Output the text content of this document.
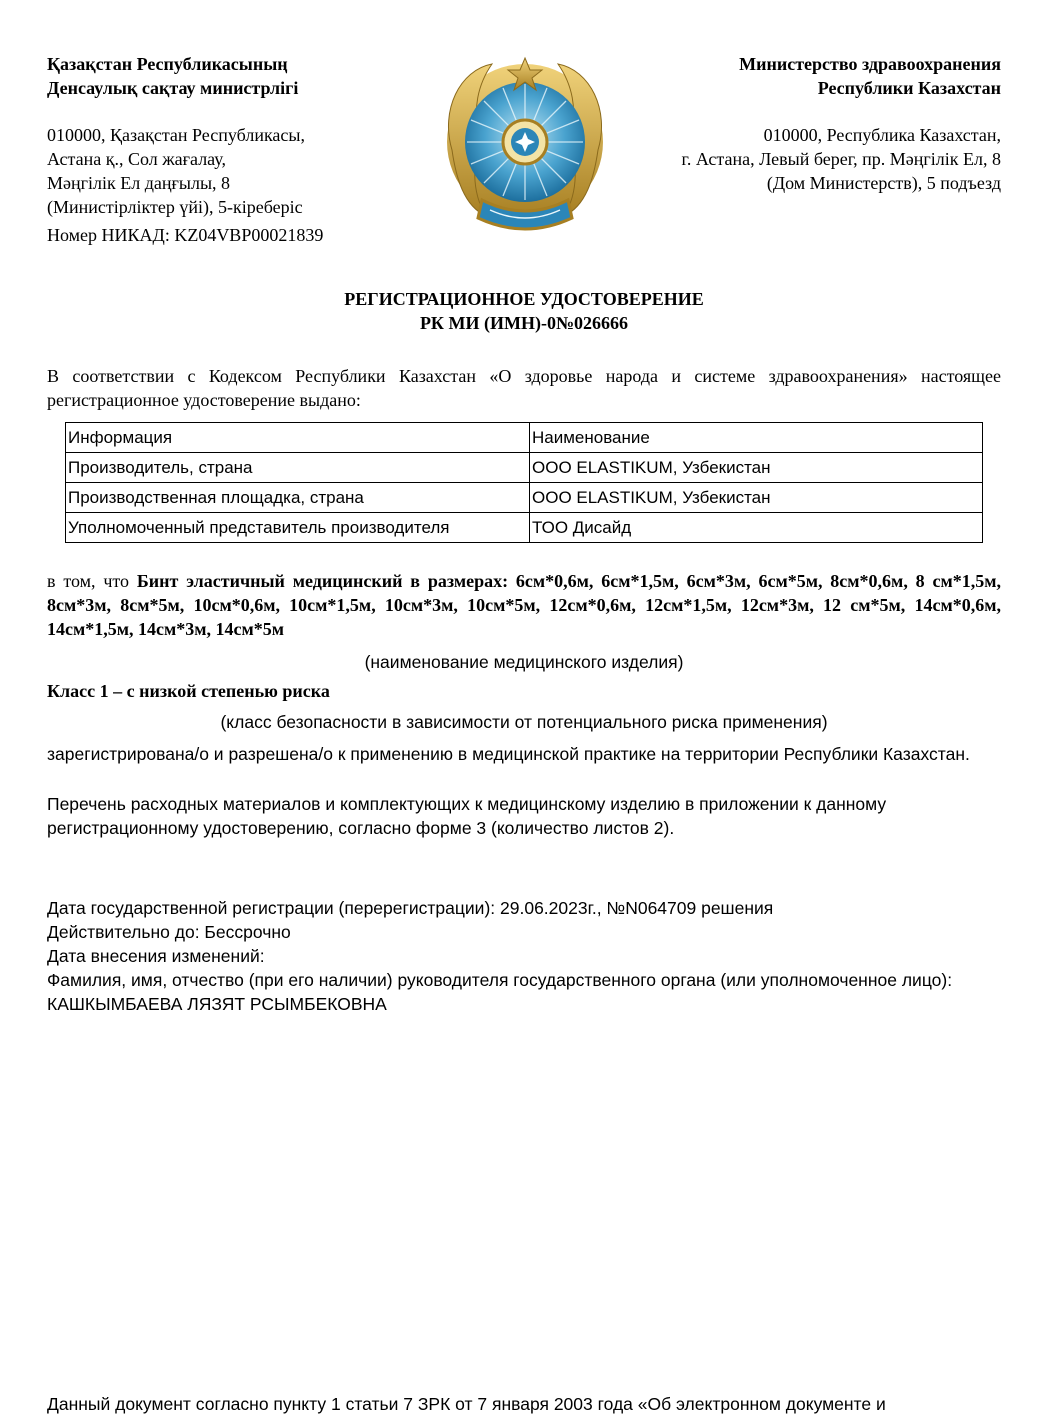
Қазақстан Республикасының
Денсаулық сақтау министрлігі
Министерство здравоохранения
Республики Казахстан
010000, Қазақстан Республикасы,
Астана қ., Сол жағалау,
Мәңгілік Ел даңғылы, 8
(Министірліктер үйі), 5-кіреберіс
010000, Республика Казахстан,
г. Астана, Левый берег, пр. Мәңгілік Ел, 8
(Дом Министерств), 5 подъезд
Номер НИКАД: KZ04VBP00021839
РЕГИСТРАЦИОННОЕ УДОСТОВЕРЕНИЕ
РК МИ (ИМН)-0№026666
В соответствии с Кодексом Республики Казахстан «О здоровье народа и системе здравоохранения» настоящее регистрационное удостоверение выдано:
Информация	Наименование
Производитель, страна	ООО ELASTIKUM, Узбекистан
Производственная площадка, страна	ООО ELASTIKUM, Узбекистан
Уполномоченный представитель производителя	ТОО Дисайд
в том, что Бинт эластичный медицинский в размерах: 6см*0,6м, 6см*1,5м, 6см*3м, 6см*5м, 8см*0,6м, 8 см*1,5м, 8см*3м, 8см*5м, 10см*0,6м, 10см*1,5м, 10см*3м, 10см*5м, 12см*0,6м, 12см*1,5м, 12см*3м, 12 см*5м, 14см*0,6м, 14см*1,5м, 14см*3м, 14см*5м
(наименование медицинского изделия)
Класс 1 – с низкой степенью риска
(класс безопасности в зависимости от потенциального риска применения)
зарегистрирована/о и разрешена/о к применению в медицинской практике на территории Республики Казахстан.
Перечень расходных материалов и комплектующих к медицинскому изделию в приложении к данному регистрационному удостоверению, согласно форме 3 (количество листов 2).
Дата государственной регистрации (перерегистрации): 29.06.2023г., №N064709 решения
Действительно до: Бессрочно
Дата внесения изменений:
Фамилия, имя, отчество (при его наличии) руководителя государственного органа (или уполномоченное лицо): КАШКЫМБАЕВА ЛЯЗЯТ РСЫМБЕКОВНА
Данный документ согласно пункту 1 статьи 7 ЗРК от 7 января 2003 года «Об электронном документе и
